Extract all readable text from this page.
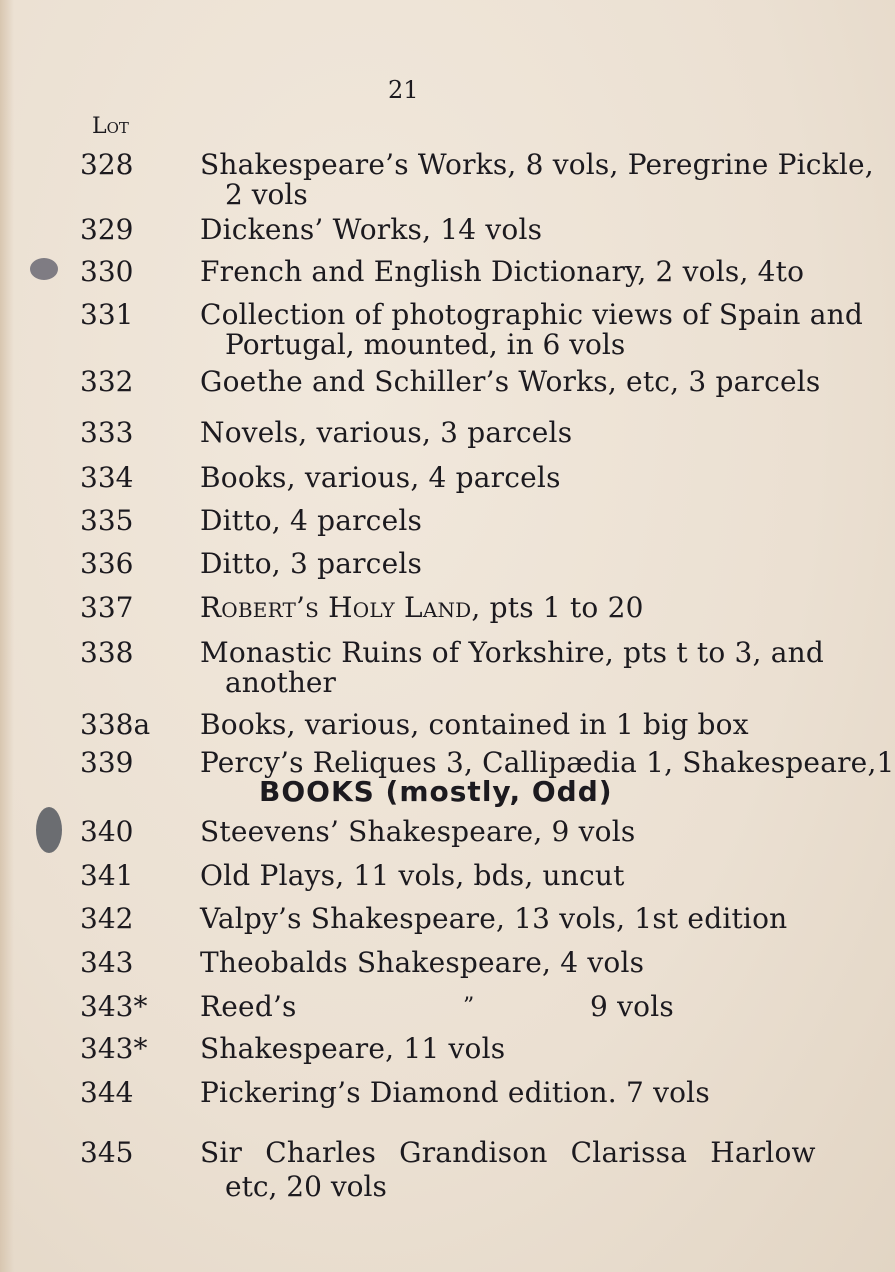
21
Lot
328 Shakespeare’s Works, 8 vols, Peregrine Pickle,
2 vols
329 Dickens’ Works, 14 vols
330 French and English Dictionary, 2 vols, 4to
331 Collection of photographic views of Spain and
Portugal, mounted, in 6 vols
332 Goethe and Schiller’s Works, etc, 3 parcels
333 Novels, various, 3 parcels
334 Books, various, 4 parcels
335 Ditto, 4 parcels
336 Ditto, 3 parcels
337 Robert’s Holy Land, pts 1 to 20
338 Monastic Ruins of Yorkshire, pts t to 3, and
another
338a Books, various, contained in 1 big box
339 Percy’s Reliques 3, Callipædia 1, Shakespeare,1
BOOKS (mostly, Odd)
340 Steevens’ Shakespeare, 9 vols
341 Old Plays, 11 vols, bds, uncut
342 Valpy’s Shakespeare, 13 vols, 1st edition
343 Theobalds Shakespeare, 4 vols
343* Reed’s	”	9 vols
343* Shakespeare, 11 vols
344 Pickering’s Diamond edition. 7 vols
345 Sir Charles Grandison Clarissa Harlow
etc, 20 vols
